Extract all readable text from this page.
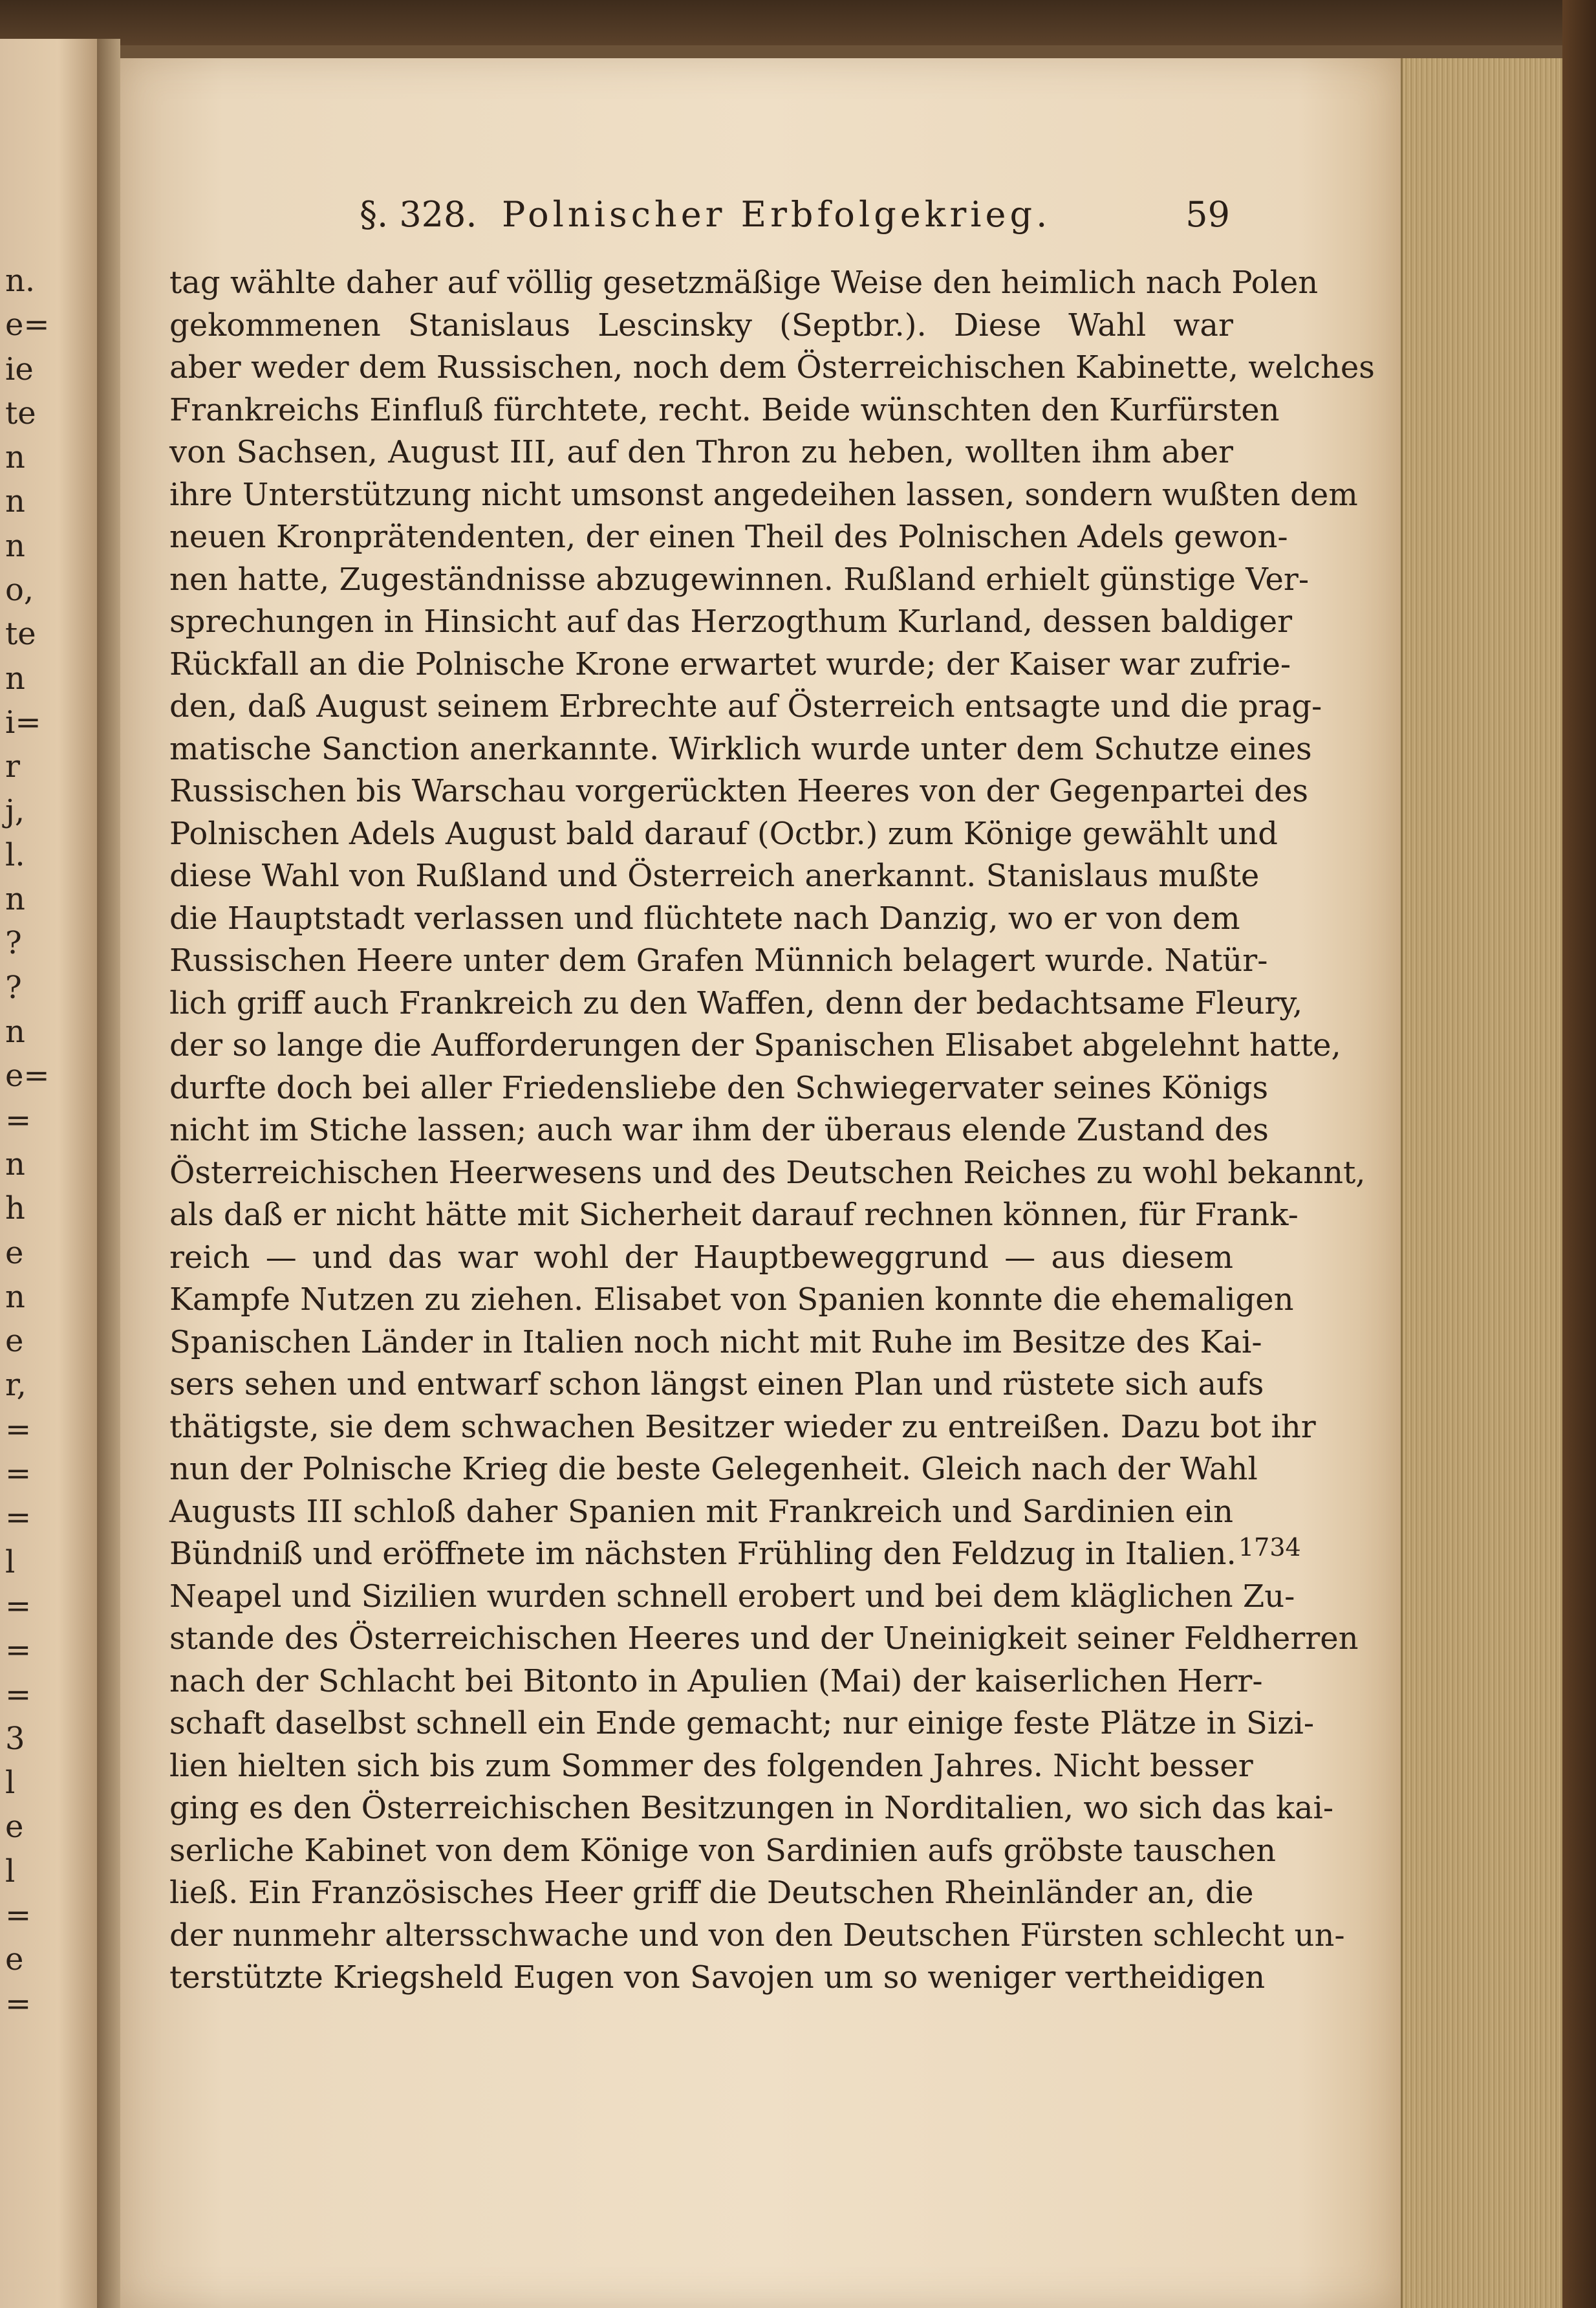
n.
e=
ie
te
n
n
n
o,
te
n
i=
r
j,
l.
n
?
?
n
e=
=
n
h
e
n
e
r,
=
=
=
l
=
=
=
3
l
e
l
=
e
=
§. 328. Polnischer Erbfolgekrieg.	59
tag wählte daher auf völlig gesetzmäßige Weise den heimlich nach Polen
gekommenen Stanislaus Lescinsky (Septbr.). Diese Wahl war
aber weder dem Russischen, noch dem Österreichischen Kabinette, welches
Frankreichs Einfluß fürchtete, recht. Beide wünschten den Kurfürsten
von Sachsen, August III, auf den Thron zu heben, wollten ihm aber
ihre Unterstützung nicht umsonst angedeihen lassen, sondern wußten dem
neuen Kronprätendenten, der einen Theil des Polnischen Adels gewon-
nen hatte, Zugeständnisse abzugewinnen. Rußland erhielt günstige Ver-
sprechungen in Hinsicht auf das Herzogthum Kurland, dessen baldiger
Rückfall an die Polnische Krone erwartet wurde; der Kaiser war zufrie-
den, daß August seinem Erbrechte auf Österreich entsagte und die prag-
matische Sanction anerkannte. Wirklich wurde unter dem Schutze eines
Russischen bis Warschau vorgerückten Heeres von der Gegenpartei des
Polnischen Adels August bald darauf (Octbr.) zum Könige gewählt und
diese Wahl von Rußland und Österreich anerkannt. Stanislaus mußte
die Hauptstadt verlassen und flüchtete nach Danzig, wo er von dem
Russischen Heere unter dem Grafen Münnich belagert wurde. Natür-
lich griff auch Frankreich zu den Waffen, denn der bedachtsame Fleury,
der so lange die Aufforderungen der Spanischen Elisabet abgelehnt hatte,
durfte doch bei aller Friedensliebe den Schwiegervater seines Königs
nicht im Stiche lassen; auch war ihm der überaus elende Zustand des
Österreichischen Heerwesens und des Deutschen Reiches zu wohl bekannt,
als daß er nicht hätte mit Sicherheit darauf rechnen können, für Frank-
reich — und das war wohl der Hauptbeweggrund — aus diesem
Kampfe Nutzen zu ziehen. Elisabet von Spanien konnte die ehemaligen
Spanischen Länder in Italien noch nicht mit Ruhe im Besitze des Kai-
sers sehen und entwarf schon längst einen Plan und rüstete sich aufs
thätigste, sie dem schwachen Besitzer wieder zu entreißen. Dazu bot ihr
nun der Polnische Krieg die beste Gelegenheit. Gleich nach der Wahl
Augusts III schloß daher Spanien mit Frankreich und Sardinien ein
Bündniß und eröffnete im nächsten Frühling den Feldzug in Italien.
Neapel und Sizilien wurden schnell erobert und bei dem kläglichen Zu-
stande des Österreichischen Heeres und der Uneinigkeit seiner Feldherren
nach der Schlacht bei Bitonto in Apulien (Mai) der kaiserlichen Herr-
schaft daselbst schnell ein Ende gemacht; nur einige feste Plätze in Sizi-
lien hielten sich bis zum Sommer des folgenden Jahres. Nicht besser
ging es den Österreichischen Besitzungen in Norditalien, wo sich das kai-
serliche Kabinet von dem Könige von Sardinien aufs gröbste tauschen
ließ. Ein Französisches Heer griff die Deutschen Rheinländer an, die
der nunmehr altersschwache und von den Deutschen Fürsten schlecht un-
terstützte Kriegsheld Eugen von Savojen um so weniger vertheidigen
1734
